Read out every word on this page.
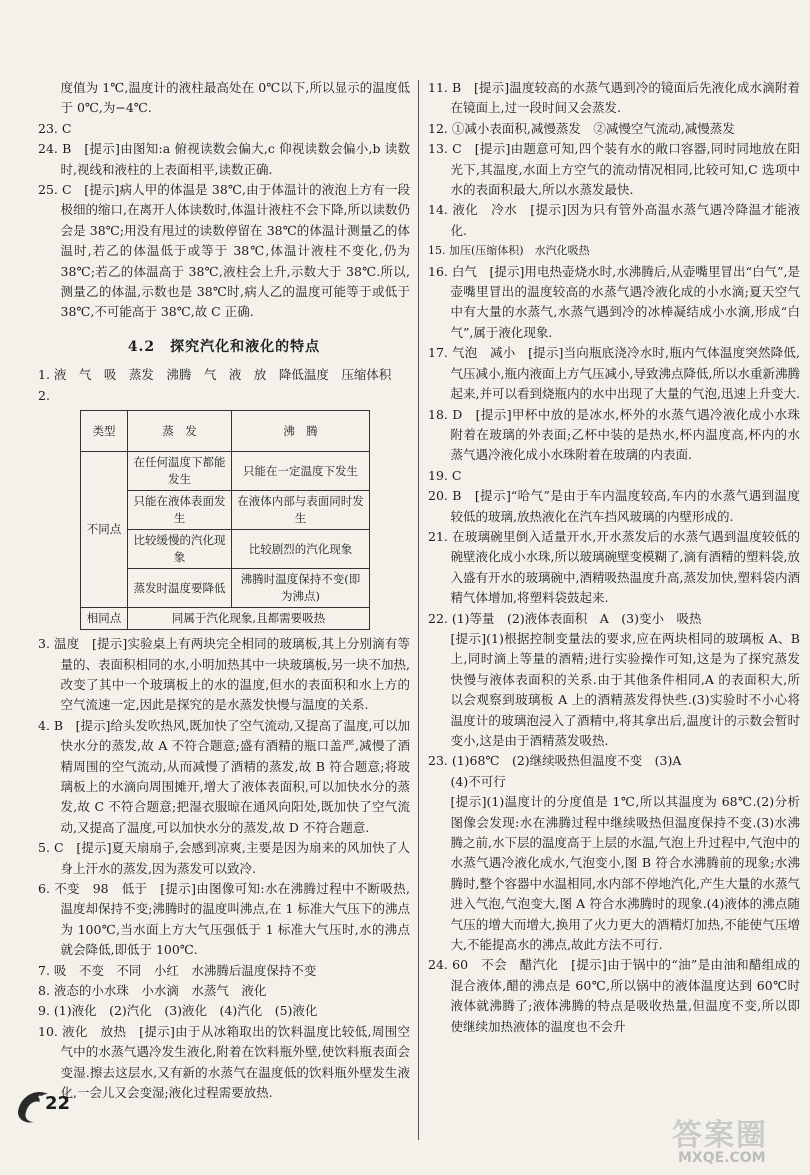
度值为 1℃,温度计的液柱最高处在 0℃以下,所以显示的温度低于 0℃,为−4℃.

23. C

24. B　[提示]由图知:a 俯视读数会偏大,c 仰视读数会偏小,b 读数时,视线和液柱的上表面相平,读数正确.

25. C　[提示]病人甲的体温是 38℃,由于体温计的液泡上方有一段极细的缩口,在离开人体读数时,体温计液柱不会下降,所以读数仍会是 38℃;用没有甩过的读数停留在 38℃的体温计测量乙的体温时,若乙的体温低于或等于 38℃,体温计液柱不变化,仍为 38℃;若乙的体温高于 38℃,液柱会上升,示数大于 38℃.所以,测量乙的体温,示数也是 38℃时,病人乙的温度可能等于或低于 38℃,不可能高于 38℃,故 C 正确.

4.2　探究汽化和液化的特点

1. 液　气　吸　蒸发　沸腾　气　液　放　降低温度　压缩体积

2.

类型	蒸　发	沸　腾
不同点	在任何温度下都能发生	只能在一定温度下发生
	只能在液体表面发生	在液体内部与表面同时发生
	比较缓慢的汽化现象	比较剧烈的汽化现象
	蒸发时温度要降低	沸腾时温度保持不变(即为沸点)
相同点	同属于汽化现象,且都需要吸热	

3. 温度　[提示]实验桌上有两块完全相同的玻璃板,其上分别滴有等量的、表面积相同的水,小明加热其中一块玻璃板,另一块不加热,改变了其中一个玻璃板上的水的温度,但水的表面积和水上方的空气流速一定,因此是探究的是水蒸发快慢与温度的关系.

4. B　[提示]给头发吹热风,既加快了空气流动,又提高了温度,可以加快水分的蒸发,故 A 不符合题意;盛有酒精的瓶口盖严,减慢了酒精周围的空气流动,从而减慢了酒精的蒸发,故 B 符合题意;将玻璃板上的水滴向周围摊开,增大了液体表面积,可以加快水分的蒸发,故 C 不符合题意;把湿衣服晾在通风向阳处,既加快了空气流动,又提高了温度,可以加快水分的蒸发,故 D 不符合题意.

5. C　[提示]夏天扇扇子,会感到凉爽,主要是因为扇来的风加快了人身上汗水的蒸发,因为蒸发可以致冷.

6. 不变　98　低于　[提示]由图像可知:水在沸腾过程中不断吸热,温度却保持不变;沸腾时的温度叫沸点,在 1 标准大气压下的沸点为 100℃,当水面上方大气压强低于 1 标准大气压时,水的沸点就会降低,即低于 100℃.

7. 吸　不变　不同　小红　水沸腾后温度保持不变

8. 液态的小水珠　小水滴　水蒸气　液化

9. (1)液化　(2)汽化　(3)液化　(4)汽化　(5)液化

10. 液化　放热　[提示]由于从冰箱取出的饮料温度比较低,周围空气中的水蒸气遇冷发生液化,附着在饮料瓶外壁,使饮料瓶表面会变湿.擦去这层水,又有新的水蒸气在温度低的饮料瓶外壁发生液化,一会儿又会变湿;液化过程需要放热.

11. B　[提示]温度较高的水蒸气遇到冷的镜面后先液化成水滴附着在镜面上,过一段时间又会蒸发.

12. ①减小表面积,减慢蒸发　②减慢空气流动,减慢蒸发

13. C　[提示]由题意可知,四个装有水的敞口容器,同时同地放在阳光下,其温度,水面上方空气的流动情况相同,比较可知,C 选项中水的表面积最大,所以水蒸发最快.

14. 液化　冷水　[提示]因为只有管外高温水蒸气遇冷降温才能液化.

15. 加压(压缩体积)　水汽化吸热

16. 白气　[提示]用电热壶烧水时,水沸腾后,从壶嘴里冒出“白气”,是壶嘴里冒出的温度较高的水蒸气遇冷液化成的小水滴;夏天空气中有大量的水蒸气,水蒸气遇到冷的冰棒凝结成小水滴,形成“白气”,属于液化现象.

17. 气泡　减小　[提示]当向瓶底浇冷水时,瓶内气体温度突然降低,气压减小,瓶内液面上方气压减小,导致沸点降低,所以水重新沸腾起来,并可以看到烧瓶内的水中出现了大量的气泡,迅速上升变大.

18. D　[提示]甲杯中放的是冰水,杯外的水蒸气遇冷液化成小水珠附着在玻璃的外表面;乙杯中装的是热水,杯内温度高,杯内的水蒸气遇冷液化成小水珠附着在玻璃的内表面.

19. C

20. B　[提示]“哈气”是由于车内温度较高,车内的水蒸气遇到温度较低的玻璃,放热液化在汽车挡风玻璃的内壁形成的.

21. 在玻璃碗里倒入适量开水,开水蒸发后的水蒸气遇到温度较低的碗壁液化成小水珠,所以玻璃碗壁变模糊了,滴有酒精的塑料袋,放入盛有开水的玻璃碗中,酒精吸热温度升高,蒸发加快,塑料袋内酒精气体增加,将塑料袋鼓起来.

22. (1)等量　(2)液体表面积　A　(3)变小　吸热

[提示](1)根据控制变量法的要求,应在两块相同的玻璃板 A、B 上,同时滴上等量的酒精;进行实验操作可知,这是为了探究蒸发快慢与液体表面积的关系.由于其他条件相同,A 的表面积大,所以会观察到玻璃板 A 上的酒精蒸发得快些.(3)实验时不小心将温度计的玻璃泡浸入了酒精中,将其拿出后,温度计的示数会暂时变小,这是由于酒精蒸发吸热.

23. (1)68℃　(2)继续吸热但温度不变　(3)A

(4)不可行

[提示](1)温度计的分度值是 1℃,所以其温度为 68℃.(2)分析图像会发现:水在沸腾过程中继续吸热但温度保持不变.(3)水沸腾之前,水下层的温度高于上层的水温,气泡上升过程中,气泡中的水蒸气遇冷液化成水,气泡变小,图 B 符合水沸腾前的现象;水沸腾时,整个容器中水温相同,水内部不停地汽化,产生大量的水蒸气进入气泡,气泡变大,图 A 符合水沸腾时的现象.(4)液体的沸点随气压的增大而增大,换用了火力更大的酒精灯加热,不能使气压增大,不能提高水的沸点,故此方法不可行.

24. 60　不会　醋汽化　[提示]由于锅中的“油”是由油和醋组成的混合液体,醋的沸点是 60℃,所以锅中的液体温度达到 60℃时液体就沸腾了;液体沸腾的特点是吸收热量,但温度不变,所以即使继续加热液体的温度也不会升

22
答案圈
MXQE.COM
